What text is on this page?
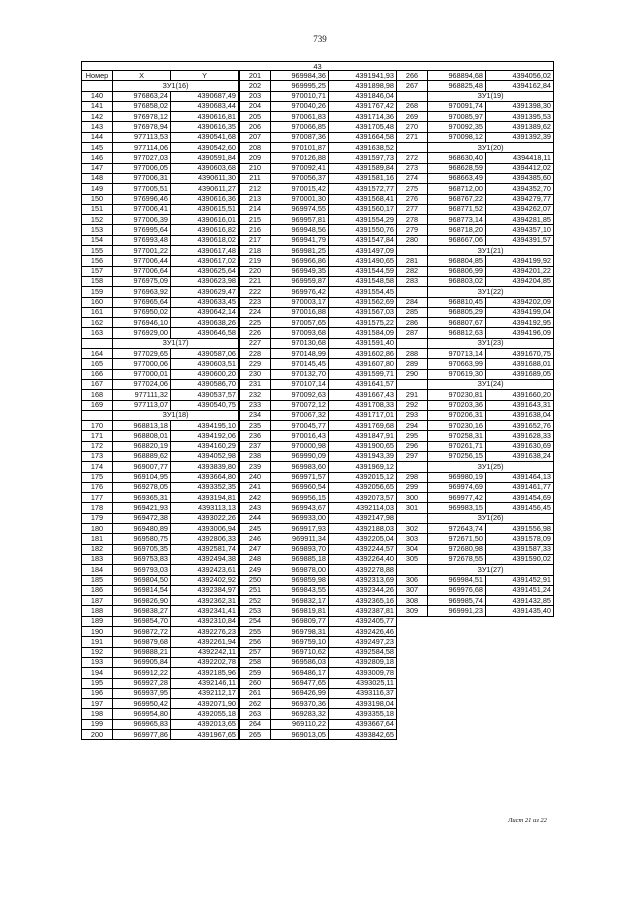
739
43
Номер	X	Y
	ЗУ1(16)	
140	976863,24	4390687,49
141	976858,02	4390683,44
142	976978,12	4390616,81
143	976978,94	4390616,35
144	977113,53	4390541,68
145	977114,06	4390542,60
146	977027,03	4390591,84
147	977006,05	4390603,68
148	977006,31	4390611,30
149	977005,51	4390611,27
150	976996,46	4390616,36
151	977006,41	4390615,51
152	977006,39	4390616,01
153	976995,64	4390616,82
154	976993,48	4390618,02
155	977001,22	4390617,48
156	977006,44	4390617,02
157	977006,64	4390625,64
158	976975,09	4390623,98
159	976963,92	4390629,47
160	976965,64	4390633,45
161	976950,02	4390642,14
162	976946,10	4390638,26
163	976929,00	4390646,58
	ЗУ1(17)	
164	977029,65	4390587,06
165	977000,06	4390603,51
166	977000,01	4390600,20
167	977024,06	4390586,70
168	977111,32	4390537,57
169	977113,07	4390540,75
	ЗУ1(18)	
170	968813,18	4394195,10
171	968808,01	4394192,06
172	968820,19	4394160,29
173	968889,62	4394052,98
174	969007,77	4393839,80
175	969104,95	4393664,80
176	969278,05	4393352,35
177	969365,31	4393194,81
178	969421,93	4393113,13
179	969472,38	4393022,26
180	969480,89	4393006,94
181	969580,75	4392806,33
182	969705,35	4392581,74
183	969753,83	4392494,38
184	969793,03	4392423,61
185	969804,50	4392402,92
186	969814,54	4392384,97
187	969826,90	4392362,31
188	969838,27	4392341,41
189	969854,70	4392310,84
190	969872,72	4392276,23
191	969879,68	4392261,94
192	969888,21	4392242,11
193	969905,84	4392202,78
194	969912,22	4392185,96
195	969927,28	4392146,11
196	969937,95	4392112,17
197	969950,42	4392071,90
198	969954,80	4392055,18
199	969965,83	4392013,65
200	969977,86	4391967,65
201	969984,36	4391941,93
202	969995,25	4391898,98
203	970010,71	4391846,04
204	970040,26	4391767,42
205	970061,83	4391714,36
206	970066,85	4391705,48
207	970087,36	4391664,58
208	970101,87	4391638,52
209	970126,88	4391597,73
210	970092,41	4391589,84
211	970056,37	4391581,16
212	970015,42	4391572,77
213	970001,30	4391568,41
214	969974,55	4391560,17
215	969957,81	4391554,29
216	969948,56	4391550,76
217	969941,79	4391547,84
218	969981,25	4391497,09
219	969966,86	4391490,65
220	969949,35	4391544,59
221	969959,87	4391548,58
222	969976,42	4391554,45
223	970003,17	4391562,69
224	970016,88	4391567,03
225	970057,65	4391575,22
226	970093,68	4391584,09
227	970130,68	4391591,40
228	970148,99	4391602,86
229	970145,45	4391607,80
230	970132,70	4391599,71
231	970107,14	4391641,57
232	970092,63	4391667,43
233	970072,12	4391708,33
234	970067,32	4391717,01
235	970045,77	4391769,68
236	970016,43	4391847,91
237	970000,98	4391900,65
238	969990,09	4391943,39
239	969983,60	4391969,12
240	969971,57	4392015,12
241	969960,54	4392056,65
242	969956,15	4392073,57
243	969943,67	4392114,03
244	969933,00	4392147,98
245	969917,93	4392188,03
246	969911,34	4392205,04
247	969893,70	4392244,57
248	969885,18	4392264,40
249	969878,00	4392278,88
250	969859,98	4392313,69
251	969843,55	4392344,26
252	969832,17	4392365,16
253	969819,81	4392387,81
254	969809,77	4392405,77
255	969798,31	4392426,46
256	969759,10	4392497,23
257	969710,62	4392584,58
258	969586,03	4392809,18
259	969486,17	4393009,78
260	969477,65	4393025,11
261	969426,99	4393116,37
262	969370,36	4393198,04
263	969283,32	4393355,18
264	969110,22	4393667,64
265	969013,05	4393842,65
266	968894,68	4394056,02
267	968825,48	4394162,84
	ЗУ1(19)	
268	970091,74	4391398,30
269	970085,97	4391395,53
270	970092,35	4391389,62
271	970098,12	4391392,39
	ЗУ1(20)	
272	968630,40	4394418,11
273	968628,59	4394412,02
274	968663,49	4394385,60
275	968712,00	4394352,70
276	968767,22	4394279,77
277	968771,52	4394262,07
278	968773,14	4394281,85
279	968718,20	4394357,10
280	968667,06	4394391,57
	ЗУ1(21)	
281	968804,85	4394199,92
282	968806,99	4394201,22
283	968803,02	4394204,85
	ЗУ1(22)	
284	968810,45	4394202,09
285	968805,29	4394199,04
286	968807,67	4394192,95
287	968812,63	4394196,09
	ЗУ1(23)	
288	970713,14	4391670,75
289	970663,99	4391688,01
290	970619,30	4391689,05
	ЗУ1(24)	
291	970230,81	4391660,20
292	970203,36	4391643,31
293	970206,31	4391638,04
294	970230,16	4391652,76
295	970258,31	4391628,33
296	970261,71	4391630,69
297	970256,15	4391638,24
	ЗУ1(25)	
298	969980,19	4391464,13
299	969974,69	4391461,77
300	969977,42	4391454,69
301	969983,15	4391456,45
	ЗУ1(26)	
302	972643,74	4391556,98
303	972671,50	4391578,09
304	972680,98	4391587,33
305	972678,55	4391590,02
	ЗУ1(27)	
306	969984,51	4391452,91
307	969976,68	4391451,24
308	969985,74	4391432,85
309	969991,23	4391435,40
Лист 21 из 22
